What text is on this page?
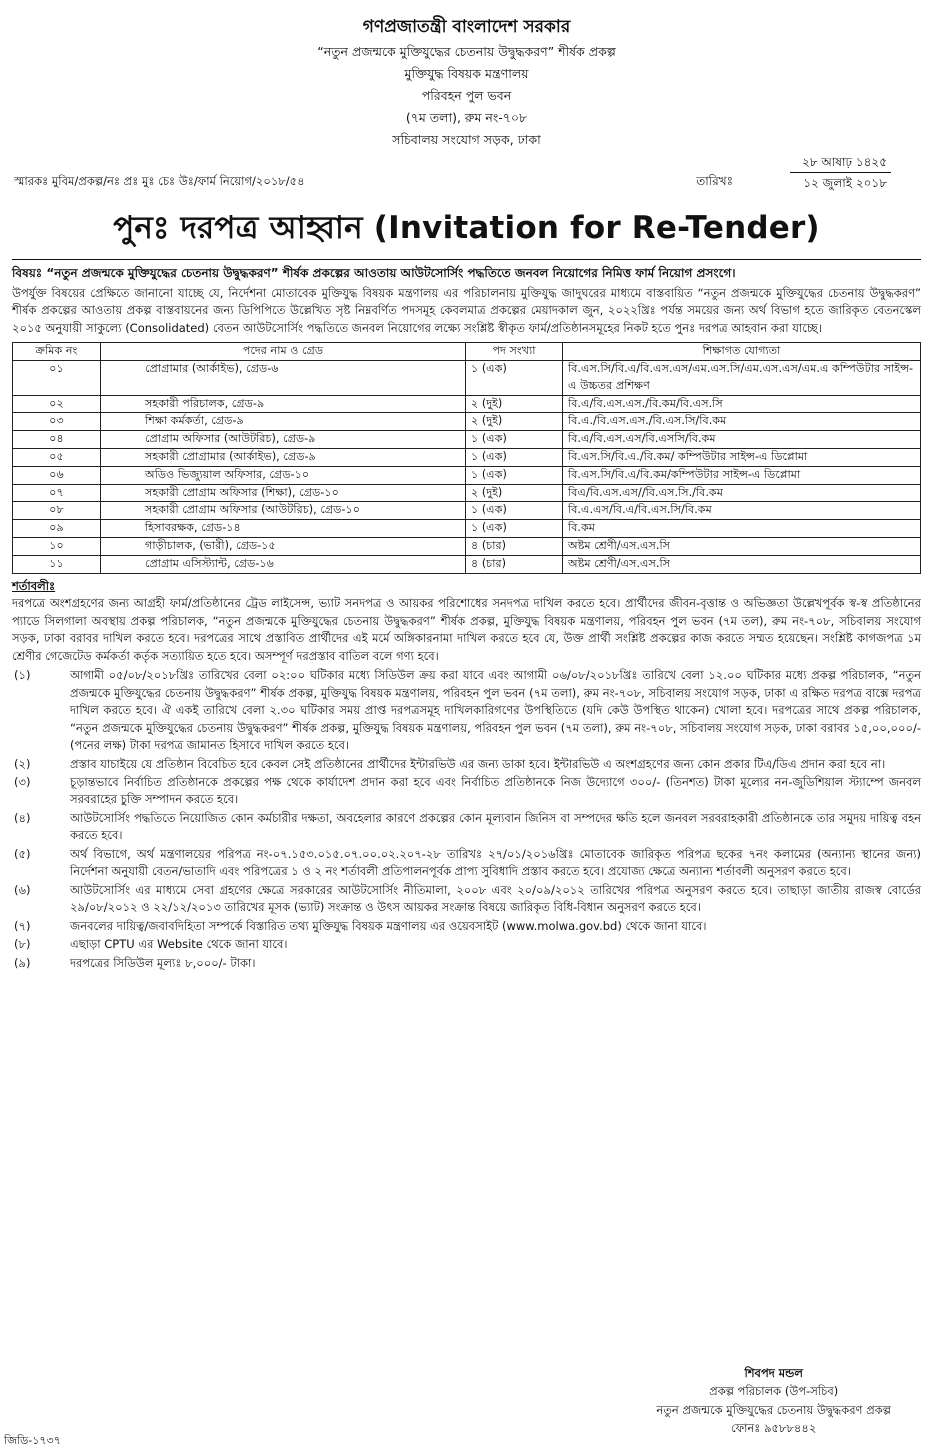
গণপ্রজাতন্ত্রী বাংলাদেশ সরকার
“নতুন প্রজন্মকে মুক্তিযুদ্ধের চেতনায় উদ্বুদ্ধকরণ” শীর্ষক প্রকল্প
মুক্তিযুদ্ধ বিষয়ক মন্ত্রণালয়
পরিবহন পুল ভবন
(৭ম তলা), রুম নং-৭০৮
সচিবালয় সংযোগ সড়ক, ঢাকা
স্মারকঃ মুবিম/প্রকল্প/নঃ প্রঃ মুঃ চেঃ উঃ/ফার্ম নিয়োগ/২০১৮/৫৪	তারিখঃ
২৮ আষাঢ় ১৪২৫
১২ জুলাই ২০১৮
পুনঃ দরপত্র আহ্বান (Invitation for Re-Tender)
বিষয়ঃ “নতুন প্রজন্মকে মুক্তিযুদ্ধের চেতনায় উদ্বুদ্ধকরণ” শীর্ষক প্রকল্পের আওতায় আউটসোর্সিং পদ্ধতিতে জনবল নিয়োগের নিমিত্ত ফার্ম নিয়োগ প্রসংগে।
উপর্যুক্ত বিষয়ের প্রেক্ষিতে জানানো যাচ্ছে যে, নির্দেশনা মোতাবেক মুক্তিযুদ্ধ বিষয়ক মন্ত্রণালয় এর পরিচালনায় মুক্তিযুদ্ধ জাদুঘরের মাধ্যমে বাস্তবায়িত “নতুন প্রজন্মকে মুক্তিযুদ্ধের চেতনায় উদ্বুদ্ধকরণ” শীর্ষক প্রকল্পের আওতায় প্রকল্প বাস্তবায়নের জন্য ডিপিপিতে উল্লেখিত সৃষ্ট নিম্নবর্ণিত পদসমূহ কেবলমাত্র প্রকল্পের মেয়াদকাল জুন, ২০২২খ্রিঃ পর্যন্ত সময়ের জন্য অর্থ বিভাগ হতে জারিকৃত বেতনস্কেল ২০১৫ অনুযায়ী সাকুল্যে (Consolidated) বেতন আউটসোর্সিং পদ্ধতিতে জনবল নিয়োগের লক্ষ্যে সংশ্লিষ্ট স্বীকৃত ফার্ম/প্রতিষ্ঠানসমূহের নিকট হতে পুনঃ দরপত্র আহবান করা যাচ্ছে।
ক্রমিক নং	পদের নাম ও গ্রেড	পদ সংখ্যা	শিক্ষাগত যোগ্যতা
০১	প্রোগ্রামার (আর্কাইভ), গ্রেড-৬	১ (এক)	বি.এস.সি/বি.এ/বি.এস.এস/এম.এস.সি/এম.এস.এস/এম.এ কম্পিউটার সাইন্স-এ উচ্চতর প্রশিক্ষণ
০২	সহকারী পরিচালক, গ্রেড-৯	২ (দুই)	বি.এ/বি.এস.এস./বি.কম/বি.এস.সি
০৩	শিক্ষা কর্মকর্তা, গ্রেড-৯	২ (দুই)	বি.এ./বি.এস.এস./বি.এস.সি/বি.কম
০৪	প্রোগ্রাম অফিসার (আউটরিচ), গ্রেড-৯	১ (এক)	বি.এ/বি.এস.এস/বি.এসসি/বি.কম
০৫	সহকারী প্রোগ্রামার (আর্কাইভ), গ্রেড-৯	১ (এক)	বি.এস.সি/বি.এ./বি.কম/ কম্পিউটার সাইন্স-এ ডিপ্লোমা
০৬	অডিও ভিজ্যুয়াল অফিসার, গ্রেড-১০	১ (এক)	বি.এস.সি/বি.এ/বি.কম/কম্পিউটার সাইন্স-এ ডিপ্লোমা
০৭	সহকারী প্রোগ্রাম অফিসার (শিক্ষা), গ্রেড-১০	২ (দুই)	বিএ/বি.এস.এস//বি.এস.সি./বি.কম
০৮	সহকারী প্রোগ্রাম অফিসার (আউটরিচ), গ্রেড-১০	১ (এক)	বি.এ.এস/বি.এ/বি.এস.সি/বি.কম
০৯	হিসাবরক্ষক, গ্রেড-১৪	১ (এক)	বি.কম
১০	গাড়ীচালক, (ভারী), গ্রেড-১৫	৪ (চার)	অষ্টম শ্রেণী/এস.এস.সি
১১	প্রোগ্রাম এসিস্ট্যান্ট, গ্রেড-১৬	৪ (চার)	অষ্টম শ্রেণী/এস.এস.সি
শর্তাবলীঃ
দরপত্রে অংশগ্রহণের জন্য আগ্রহী ফার্ম/প্রতিষ্ঠানের ট্রেড লাইসেন্স, ভ্যাট সনদপত্র ও আয়কর পরিশোধের সনদপত্র দাখিল করতে হবে। প্রার্থীদের জীবন-বৃত্তান্ত ও অভিজ্ঞতা উল্লেখপূর্বক স্ব-স্ব প্রতিষ্ঠানের প্যাডে সিলগালা অবস্থায় প্রকল্প পরিচালক, “নতুন প্রজন্মকে মুক্তিযুদ্ধের চেতনায় উদ্বুদ্ধকরণ” শীর্ষক প্রকল্প, মুক্তিযুদ্ধ বিষয়ক মন্ত্রণালয়, পরিবহন পুল ভবন (৭ম তল), রুম নং-৭০৮, সচিবালয় সংযোগ সড়ক, ঢাকা বরাবর দাখিল করতে হবে। দরপত্রের সাথে প্রস্তাবিত প্রার্থীদের এই মর্মে অঙ্গিকারনামা দাখিল করতে হবে যে, উক্ত প্রার্থী সংশ্লিষ্ট প্রকল্পের কাজ করতে সম্মত হয়েছেন। সংশ্লিষ্ট কাগজপত্র ১ম শ্রেণীর গেজেটেড কর্মকর্তা কর্তৃক সত্যায়িত হতে হবে। অসম্পূর্ণ দরপ্রস্তাব বাতিল বলে গণ্য হবে।
(১)	আগামী ০৫/০৮/২০১৮খ্রিঃ তারিখের বেলা ০২:০০ ঘটিকার মধ্যে সিডিউল ক্রয় করা যাবে এবং আগামী ০৬/০৮/২০১৮খ্রিঃ তারিখে বেলা ১২.০০ ঘটিকার মধ্যে প্রকল্প পরিচালক, “নতুন প্রজন্মকে মুক্তিযুদ্ধের চেতনায় উদ্বুদ্ধকরণ” শীর্ষক প্রকল্প, মুক্তিযুদ্ধ বিষয়ক মন্ত্রণালয়, পরিবহন পুল ভবন (৭ম তলা), রুম নং-৭০৮, সচিবালয় সংযোগ সড়ক, ঢাকা এ রক্ষিত দরপত্র বাক্সে দরপত্র দাখিল করতে হবে। ঐ একই তারিখে বেলা ২.৩০ ঘটিকার সময় প্রাপ্ত দরপত্রসমূহ দাখিলকারিগণের উপস্থিতিতে (যদি কেউ উপস্থিত থাকেন) খোলা হবে। দরপত্রের সাথে প্রকল্প পরিচালক, “নতুন প্রজন্মকে মুক্তিযুদ্ধের চেতনায় উদ্বুদ্ধকরণ” শীর্ষক প্রকল্প, মুক্তিযুদ্ধ বিষয়ক মন্ত্রণালয়, পরিবহন পুল ভবন (৭ম তলা), রুম নং-৭০৮, সচিবালয় সংযোগ সড়ক, ঢাকা বরাবর ১৫,০০,০০০/- (পনের লক্ষ) টাকা দরপত্র জামানত হিসাবে দাখিল করতে হবে।
(২)	প্রস্তাব যাচাইয়ে যে প্রতিষ্ঠান বিবেচিত হবে কেবল সেই প্রতিষ্ঠানের প্রার্থীদের ইন্টারভিউ এর জন্য ডাকা হবে। ইন্টারভিউ এ অংশগ্রহণের জন্য কোন প্রকার টিএ/ডিএ প্রদান করা হবে না।
(৩)	চূড়ান্তভাবে নির্বাচিত প্রতিষ্ঠানকে প্রকল্পের পক্ষ থেকে কার্যাদেশ প্রদান করা হবে এবং নির্বাচিত প্রতিষ্ঠানকে নিজ উদ্যোগে ৩০০/- (তিনশত) টাকা মূল্যের নন-জুডিশিয়াল স্ট্যাম্পে জনবল সরবরাহের চুক্তি সম্পাদন করতে হবে।
(৪)	আউটসোর্সিং পদ্ধতিতে নিয়োজিত কোন কর্মচারীর দক্ষতা, অবহেলার কারণে প্রকল্পের কোন মূল্যবান জিনিস বা সম্পদের ক্ষতি হলে জনবল সরবরাহকারী প্রতিষ্ঠানকে তার সমুদয় দায়িত্ব বহন করতে হবে।
(৫)	অর্থ বিভাগে, অর্থ মন্ত্রণালয়ের পরিপত্র নং-০৭.১৫৩.০১৫.০৭.০০.০২.২০৭-২৮ তারিখঃ ২৭/০১/২০১৬খ্রিঃ মোতাবেক জারিকৃত পরিপত্র ছকের ৭নং কলামের (অন্যান্য স্থানের জন্য) নির্দেশনা অনুযায়ী বেতন/ভাতাদি এবং পরিপত্রের ১ ও ২ নং শর্তাবলী প্রতিপালনপূর্বক প্রাপ্য সুবিধাদি প্রস্তাব করতে হবে। প্রযোজ্য ক্ষেত্রে অন্যান্য শর্তাবলী অনুসরণ করতে হবে।
(৬)	আউটসোর্সিং এর মাধ্যমে সেবা গ্রহণের ক্ষেত্রে সরকারের আউটসোর্সিং নীতিমালা, ২০০৮ এবং ২০/০৯/২০১২ তারিখের পরিপত্র অনুসরণ করতে হবে। তাছাড়া জাতীয় রাজস্ব বোর্ডের ২৯/০৮/২০১২ ও ২২/১২/২০১৩ তারিখের মূসক (ভ্যাট) সংক্রান্ত ও উৎস আয়কর সংক্রান্ত বিষয়ে জারিকৃত বিধি-বিধান অনুসরণ করতে হবে।
(৭)	জনবলের দায়িত্ব/জবাবদিহিতা সম্পর্কে বিস্তারিত তথ্য মুক্তিযুদ্ধ বিষয়ক মন্ত্রণালয় এর ওয়েবসাইট (www.molwa.gov.bd) থেকে জানা যাবে।
(৮)	এছাড়া CPTU এর Website থেকে জানা যাবে।
(৯)	দরপত্রের সিডিউল মূল্যঃ ৮,০০০/- টাকা।
শিবপদ মন্ডল
প্রকল্প পরিচালক (উপ-সচিব)
নতুন প্রজন্মকে মুক্তিযুদ্ধের চেতনায় উদ্বুদ্ধকরণ প্রকল্প
ফোনঃ ৯৫৮৮৪৪২
জিডি-১৭৩৭
